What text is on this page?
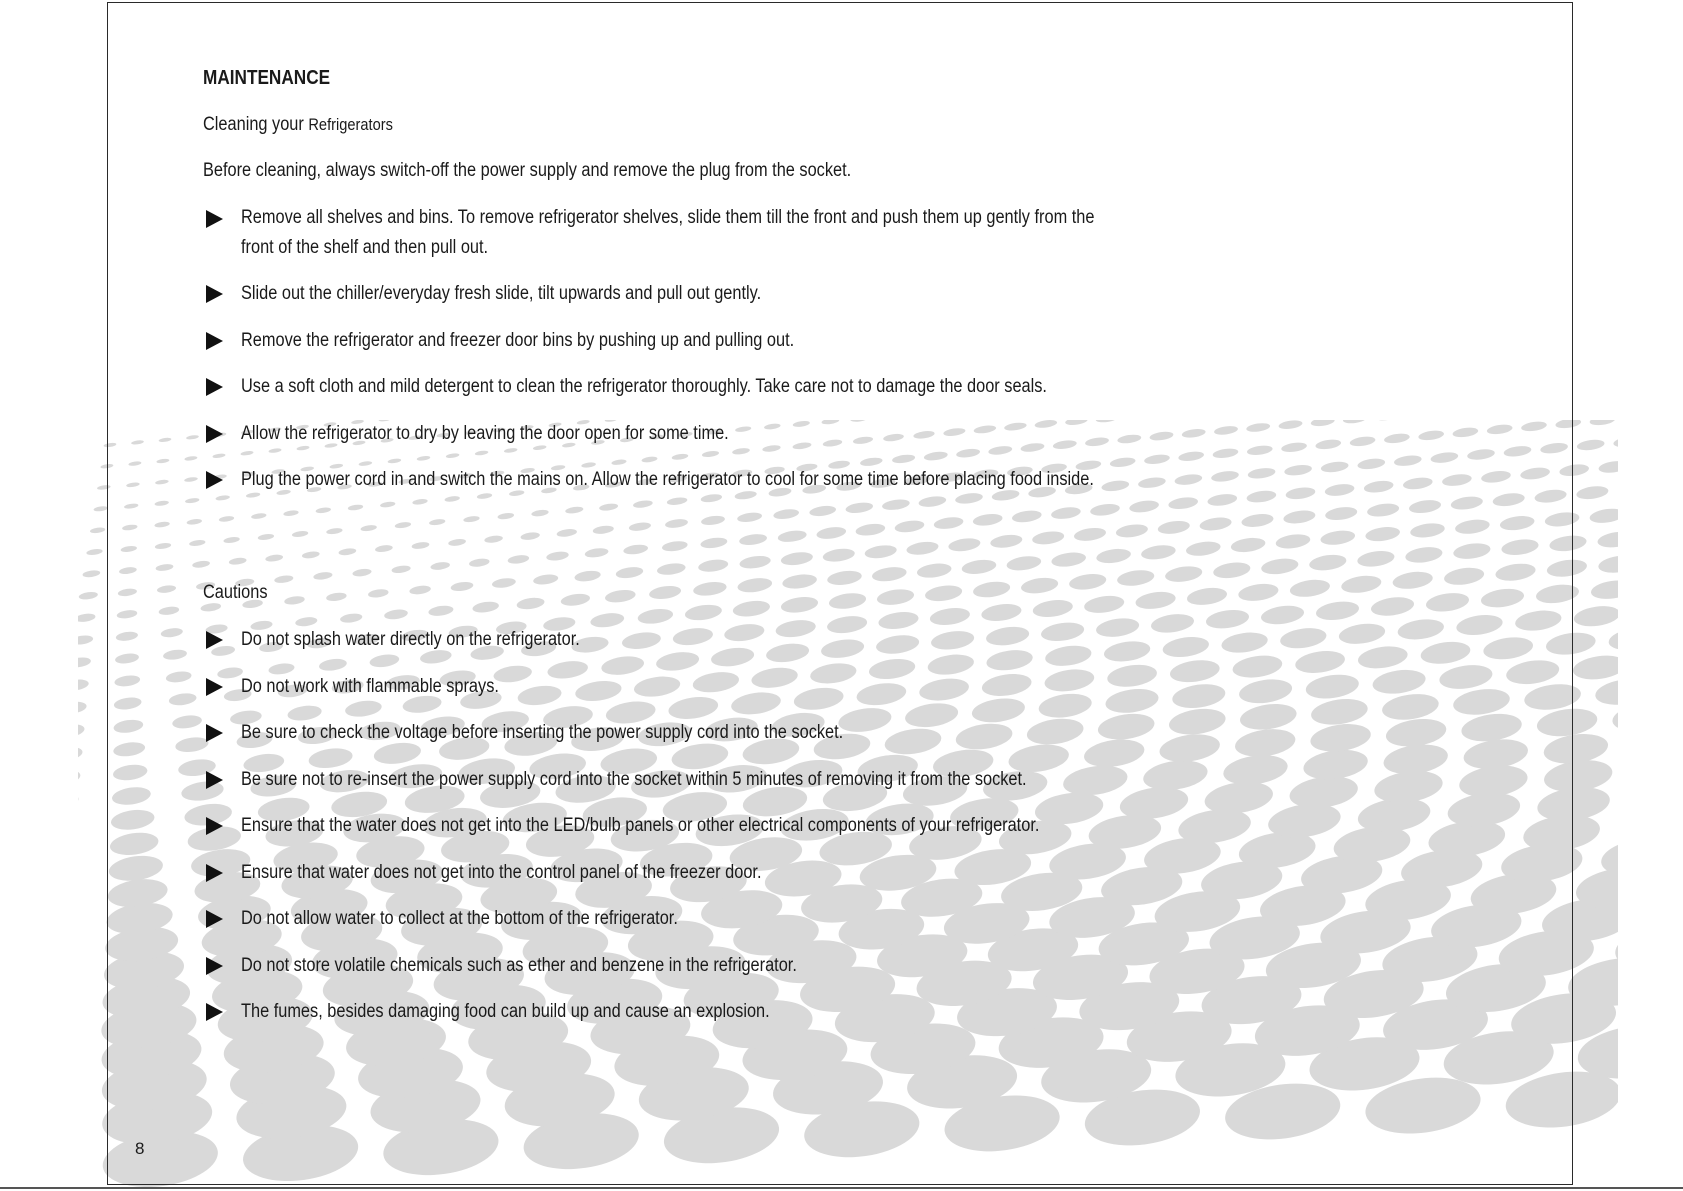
MAINTENANCE
Cleaning your Refrigerators
Before cleaning, always switch-off the power supply and remove the plug from the socket.
Remove all shelves and bins. To remove refrigerator shelves, slide them till the front and push them up gently from the
front of the shelf and then pull out.
Slide out the chiller/everyday fresh slide, tilt upwards and pull out gently.
Remove the refrigerator and freezer door bins by pushing up and pulling out.
Use a soft cloth and mild detergent to clean the refrigerator thoroughly. Take care not to damage the door seals.
Allow the refrigerator to dry by leaving the door open for some time.
Plug the power cord in and switch the mains on. Allow the refrigerator to cool for some time before placing food inside.
Cautions
Do not splash water directly on the refrigerator.
Do not work with flammable sprays.
Be sure to check the voltage before inserting the power supply cord into the socket.
Be sure not to re-insert the power supply cord into the socket within 5 minutes of removing it from the socket.
Ensure that the water does not get into the LED/bulb panels or other electrical components of your refrigerator.
Ensure that water does not get into the control panel of the freezer door.
Do not allow water to collect at the bottom of the refrigerator.
Do not store volatile chemicals such as ether and benzene in the refrigerator.
The fumes, besides damaging food can build up and cause an explosion.
8
